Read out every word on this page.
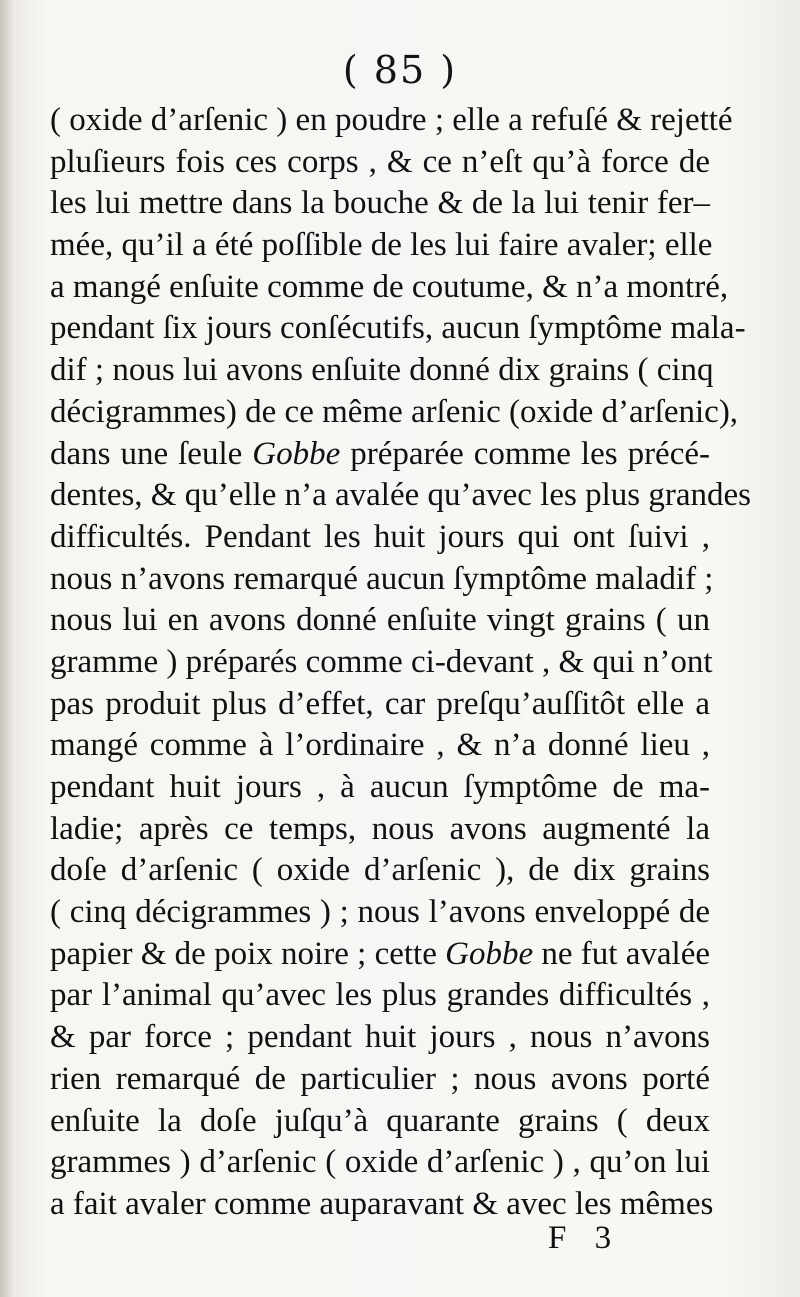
( 85 )
( oxide d’arſenic ) en poudre ; elle a refuſé & rejetté
pluſieurs fois ces corps , & ce n’eſt qu’à force de
les lui mettre dans la bouche & de la lui tenir fer–
mée, qu’il a été poſſible de les lui faire avaler; elle
a mangé enſuite comme de coutume, & n’a montré,
pendant ſix jours conſécutifs, aucun ſymptôme mala-
dif ; nous lui avons enſuite donné dix grains ( cinq
décigrammes) de ce même arſenic (oxide d’arſenic),
dans une ſeule Gobbe préparée comme les précé-
dentes, & qu’elle n’a avalée qu’avec les plus grandes
difficultés. Pendant les huit jours qui ont ſuivi ,
nous n’avons remarqué aucun ſymptôme maladif ;
nous lui en avons donné enſuite vingt grains ( un
gramme ) préparés comme ci-devant , & qui n’ont
pas produit plus d’effet, car preſqu’auſſitôt elle a
mangé comme à l’ordinaire , & n’a donné lieu ,
pendant huit jours , à aucun ſymptôme de ma-
ladie; après ce temps, nous avons augmenté la
doſe d’arſenic ( oxide d’arſenic ), de dix grains
( cinq décigrammes ) ; nous l’avons enveloppé de
papier & de poix noire ; cette Gobbe ne fut avalée
par l’animal qu’avec les plus grandes difficultés ,
& par force ; pendant huit jours , nous n’avons
rien remarqué de particulier ; nous avons porté
enſuite la doſe juſqu’à quarante grains ( deux
grammes ) d’arſenic ( oxide d’arſenic ) , qu’on lui
a fait avaler comme auparavant & avec les mêmes
F 3
